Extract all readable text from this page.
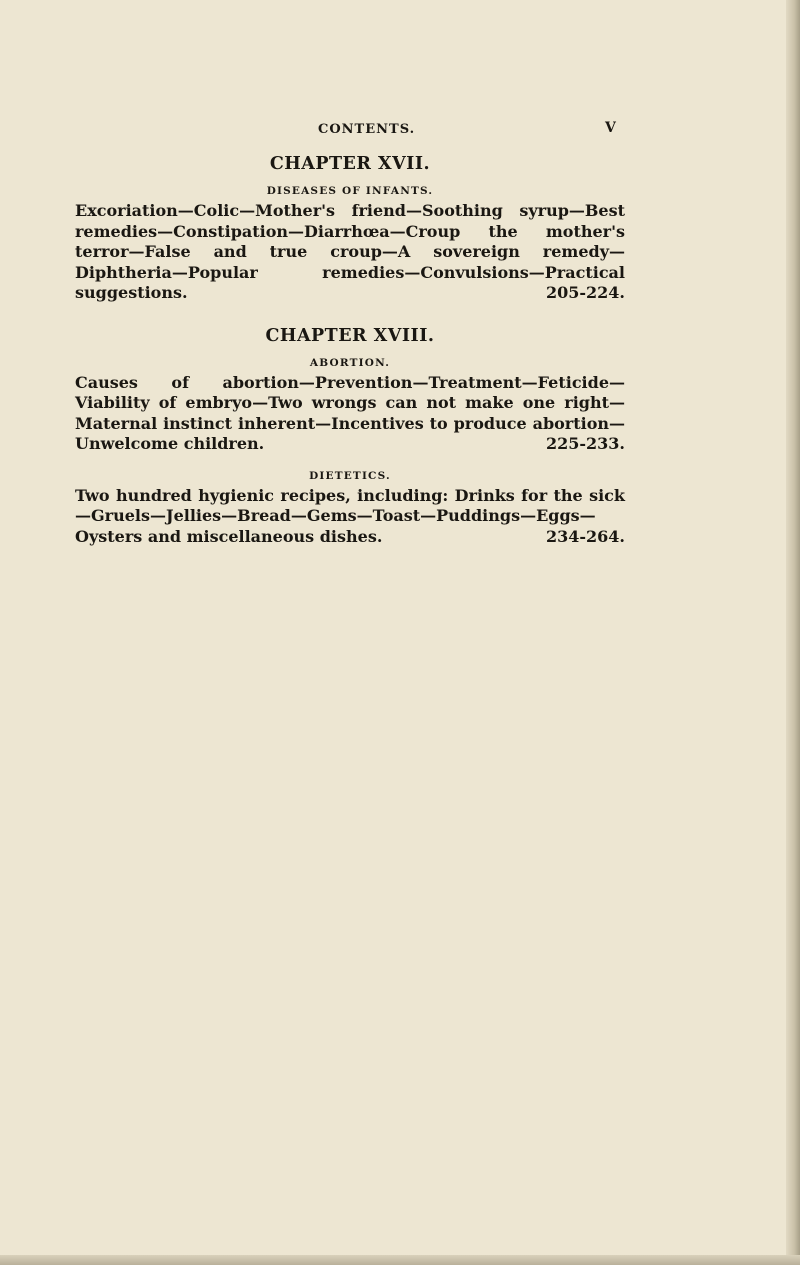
CONTENTS.	V
CHAPTER XVII.
DISEASES OF INFANTS.

Excoriation—Colic—Mother's friend—Soothing syrup—Best remedies—Constipation—Diarrhœa—Croup the mother's terror—False and true croup—A sovereign remedy—Diphtheria—Popular remedies—Convulsions—Practical suggestions.	205-224.

CHAPTER XVIII.
ABORTION.

Causes of abortion—Prevention—Treatment—Feticide—Viability of embryo—Two wrongs can not make one right—Maternal instinct inherent—Incentives to produce abortion—Unwelcome children.	225-233.

DIETETICS.

Two hundred hygienic recipes, including: Drinks for the sick—Gruels—Jellies—Bread—Gems—Toast—Puddings—Eggs—Oysters and miscellaneous dishes.	234-264.
